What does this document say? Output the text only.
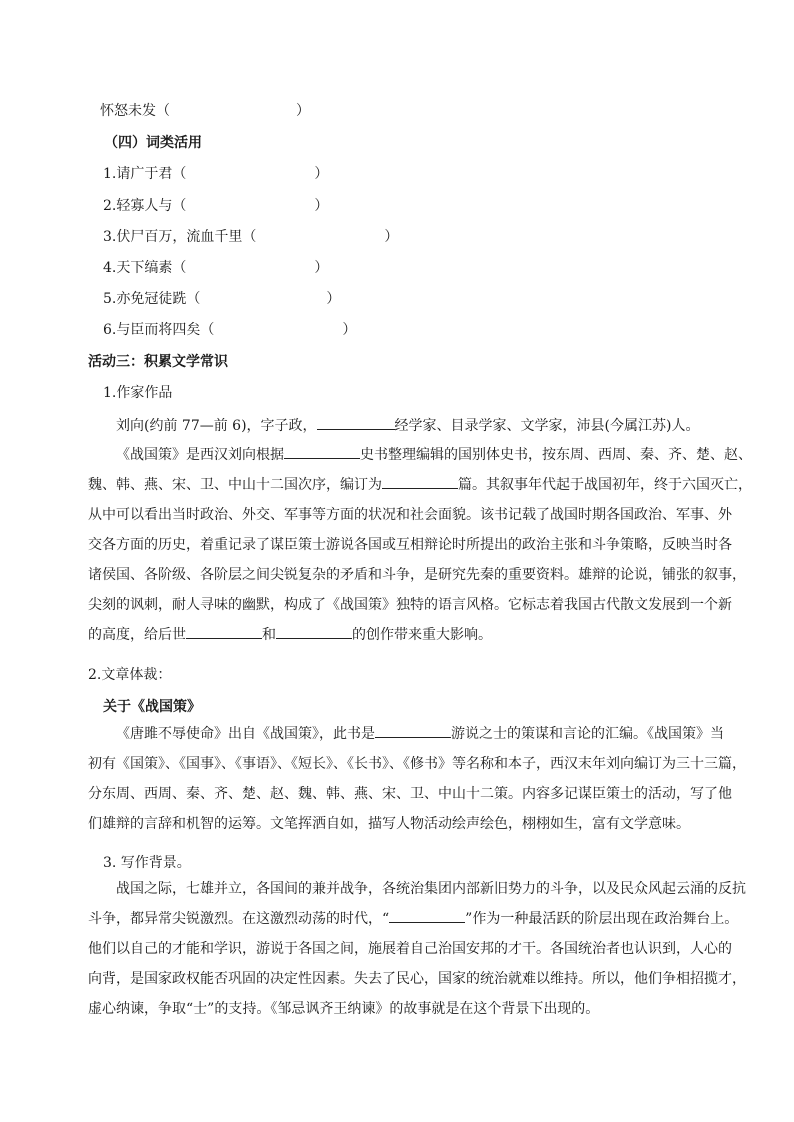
怀怒未发（	）
（四）词类活用
1.请广于君（	）
2.轻寡人与（	）
3.伏尸百万，流血千里（	）
4.天下缟素（	）
5.亦免冠徒跣（	）
6.与臣而将四矣（	）
活动三：积累文学常识
1.作家作品
刘向(约前 77—前 6)，字子政，	经学家、目录学家、文学家，沛县(今属江苏)人。
《战国策》是西汉刘向根据	史书整理编辑的国别体史书，按东周、西周、秦、齐、楚、赵、
魏、韩、燕、宋、卫、中山十二国次序，编订为	篇。其叙事年代起于战国初年，终于六国灭亡，
从中可以看出当时政治、外交、军事等方面的状况和社会面貌。该书记载了战国时期各国政治、军事、外
交各方面的历史，着重记录了谋臣策士游说各国或互相辩论时所提出的政治主张和斗争策略，反映当时各
诸侯国、各阶级、各阶层之间尖锐复杂的矛盾和斗争，是研究先秦的重要资料。雄辩的论说，铺张的叙事，
尖刻的讽刺，耐人寻味的幽默，构成了《战国策》独特的语言风格。它标志着我国古代散文发展到一个新
的高度，给后世	和	的创作带来重大影响。
2.文章体裁：
关于《战国策》
《唐雎不辱使命》出自《战国策》，此书是	游说之士的策谋和言论的汇编。《战国策》当
初有《国策》、《国事》、《事语》、《短长》、《长书》、《修书》等名称和本子，西汉末年刘向编订为三十三篇，
分东周、西周、秦、齐、楚、赵、魏、韩、燕、宋、卫、中山十二策。内容多记谋臣策士的活动，写了他
们雄辩的言辞和机智的运筹。文笔挥洒自如，描写人物活动绘声绘色，栩栩如生，富有文学意味。
3. 写作背景。
战国之际，七雄并立，各国间的兼并战争，各统治集团内部新旧势力的斗争，以及民众风起云涌的反抗
斗争，都异常尖锐激烈。在这激烈动荡的时代，“	”作为一种最活跃的阶层出现在政治舞台上。
他们以自己的才能和学识，游说于各国之间，施展着自己治国安邦的才干。各国统治者也认识到，人心的
向背，是国家政权能否巩固的决定性因素。失去了民心，国家的统治就难以维持。所以，他们争相招揽才，
虚心纳谏，争取“士”的支持。《邹忌讽齐王纳谏》的故事就是在这个背景下出现的。
